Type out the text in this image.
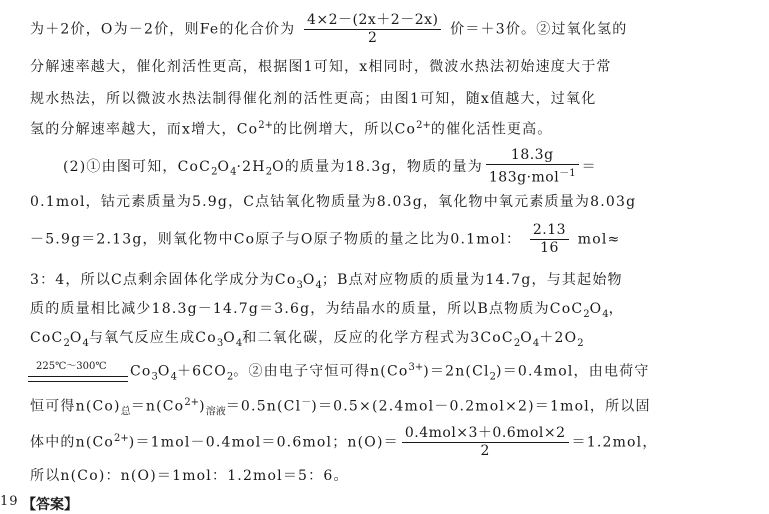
为＋2价，O为－2价，则Fe的化合价为 $\frac{4\times 2-(2x+2-2x)}{2}$ 价＝＋3价。②过氧化氢的
分解速率越大，催化剂活性更高，根据图1可知，x相同时，微波水热法初始速度大于常
规水热法，所以微波水热法制得催化剂的活性更高；由图1可知，随x值越大，过氧化
氢的分解速率越大，而x增大，$Co^{2+}$的比例增大，所以$Co^{2+}$的催化活性更高。
(2)①由图可知，$CoC_2O_4\cdot 2H_2O$的质量为18.3g，物质的量为 $\frac{18.3g}{183g\cdot mol^{-1}}$ ＝
0.1mol，钴元素质量为5.9g，C点钴氧化物质量为8.03g，氧化物中氧元素质量为8.03g
－5.9g＝2.13g，则氧化物中Co原子与O原子物质的量之比为0.1mol： $\frac{2.13}{16} mol\approx$
3：4，所以C点剩余固体化学成分为$Co_3O_4$；B点对应物质的质量为14.7g，与其起始物
质的质量相比减少18.3g－14.7g＝3.6g，为结晶水的质量，所以B点物质为$CoC_2O_4$，
$CoC_2O_4$与氧气反应生成$Co_3O_4$和二氧化碳，反应的化学方程式为$3CoC_2O_4+2O_2$
225℃～300℃ $Co_3O_4+6CO_2$。②由电子守恒可得$n(Co^{3+})=2n(Cl_2)=0.4mol$，由电荷守
恒可得$n(Co)_总=n(Co^{2+})_{溶液}=0.5n(Cl^-)=0.5\times(2.4mol-0.2mol\times 2)=1mol$，所以固
体中的$n(Co^{2+})=1mol-0.4mol=0.6mol$；$n(O)= \frac{\text{0.4mol×3＋0.6mol×2}}{2} =1.2mol$，
所以n(Co)：n(O)＝1mol：1.2mol＝5：6。
19 【答案】
